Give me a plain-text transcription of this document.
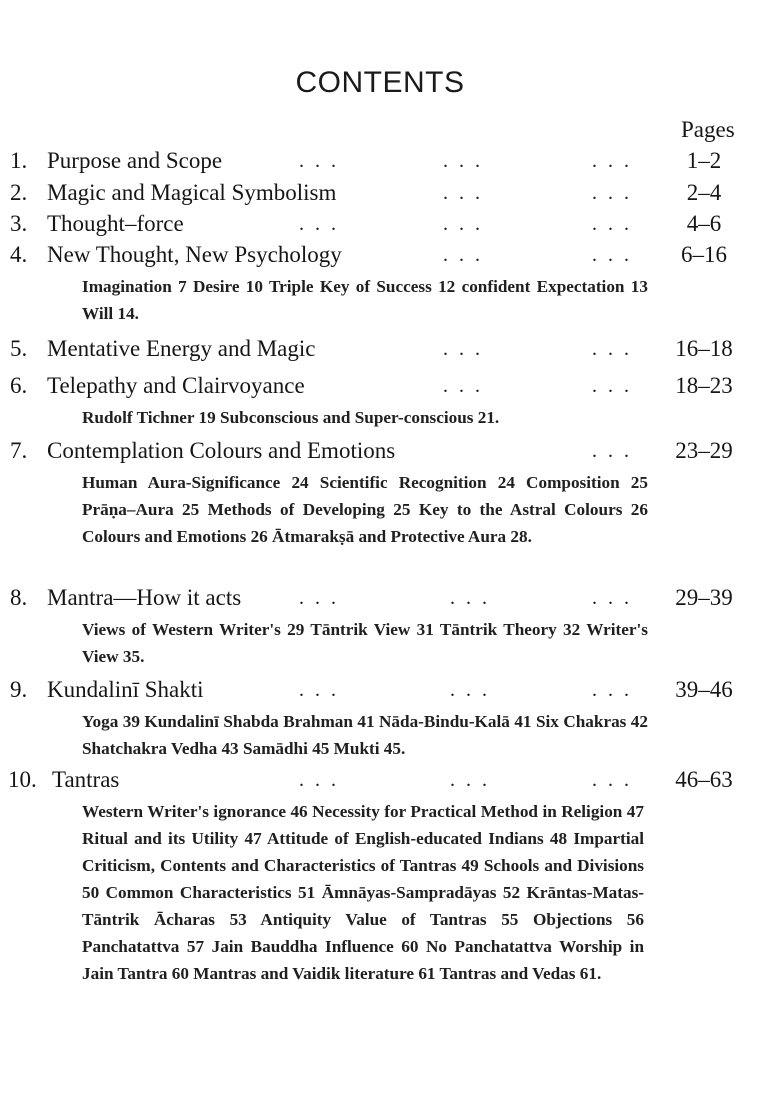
CONTENTS
Pages
1. Purpose and Scope	. . .	. . .	. . .	1–2
2. Magic and Magical Symbolism	. . .	. . .	2–4
3. Thought–force	. . .	. . .	. . .	4–6
4. New Thought, New Psychology	. . .	. . .	6–16
Imagination 7 Desire 10 Triple Key of Success 12 confident Expectation 13 Will 14.
5. Mentative Energy and Magic	. . .	. . .	16–18
6. Telepathy and Clairvoyance	. . .	. . .	18–23
Rudolf Tichner 19 Subconscious and Super-conscious 21.
7. Contemplation Colours and Emotions	. . .	23–29
Human Aura-Significance 24 Scientific Recognition 24 Composition 25 Prāṇa–Aura 25 Methods of Developing 25 Key to the Astral Colours 26 Colours and Emotions 26 Ātmarakṣā and Protective Aura 28.
8. Mantra—How it acts	. . .	. . .	. . .	29–39
Views of Western Writer's 29 Tāntrik View 31 Tāntrik Theory 32 Writer's View 35.
9. Kundalinī Shakti	. . .	. . .	. . .	39–46
Yoga 39 Kundalinī Shabda Brahman 41 Nāda-Bindu-Kalā 41 Six Chakras 42 Shatchakra Vedha 43 Samādhi 45 Mukti 45.
10. Tantras	. . .	. . .	. . .	46–63
Western Writer's ignorance 46 Necessity for Practical Method in Religion 47 Ritual and its Utility 47 Attitude of English-educated Indians 48 Impartial Criticism, Contents and Characteristics of Tantras 49 Schools and Divisions 50 Common Characteristics 51 Āmnāyas-Sampradāyas 52 Krāntas-Matas-Tāntrik Ācharas 53 Antiquity Value of Tantras 55 Objections 56 Panchatattva 57 Jain Bauddha Influence 60 No Panchatattva Worship in Jain Tantra 60 Mantras and Vaidik literature 61 Tantras and Vedas 61.
